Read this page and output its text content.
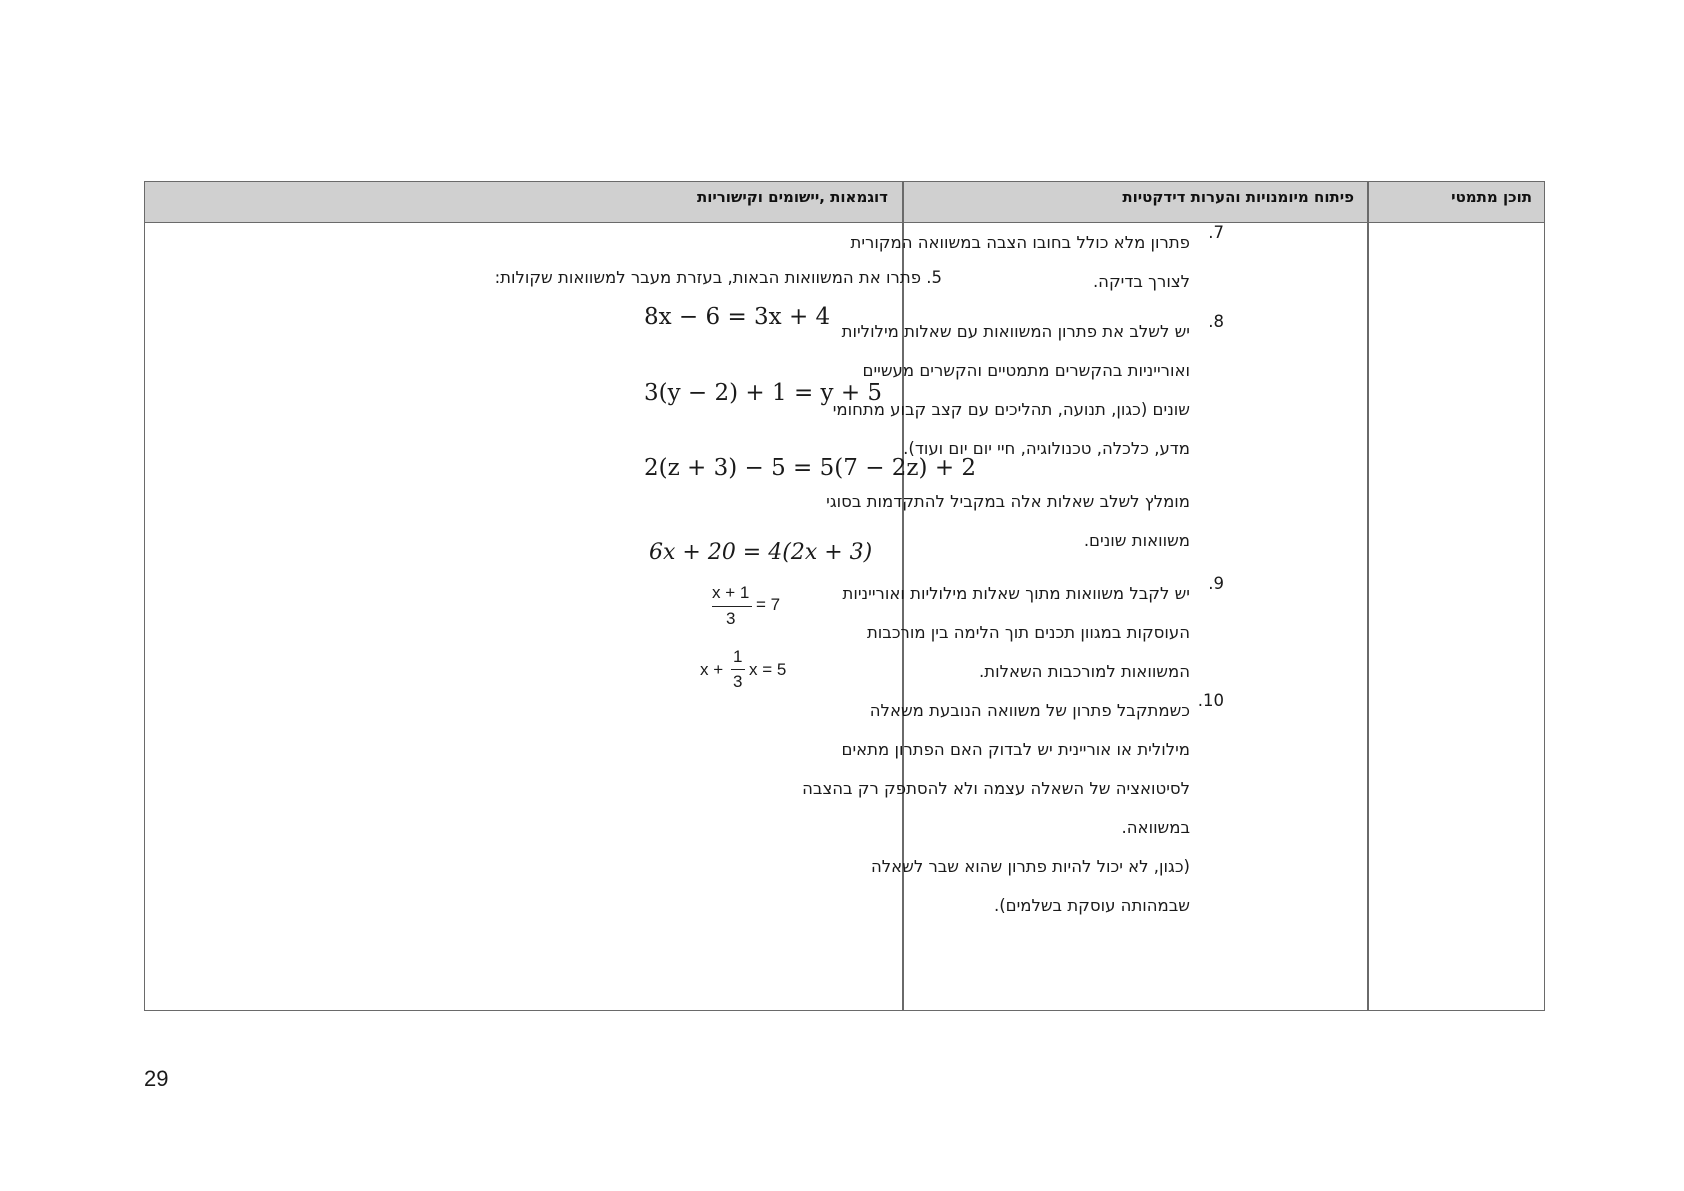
תוכן מתמטי
פיתוח מיומנויות והערות דידקטיות
דוגמאות ,יישומים וקישוריות
7.
פתרון מלא כולל בחובו הצבה במשוואה המקורית
לצורך בדיקה.
8.
יש לשלב את פתרון המשוואות עם שאלות מילוליות
ואורייניות בהקשרים מתמטיים והקשרים מעשיים
שונים (כגון, תנועה, תהליכים עם קצב קבוע מתחומי
מדע, כלכלה, טכנולוגיה, חיי יום יום ועוד).
מומלץ לשלב שאלות אלה במקביל להתקדמות בסוגי
משוואות שונים.
9.
יש לקבל משוואות מתוך שאלות מילוליות ואורייניות
העוסקות במגוון תכנים תוך הלימה בין מורכבות
המשוואות למורכבות השאלות.
10.
כשמתקבל פתרון של משוואה הנובעת משאלה
מילולית או אוריינית יש לבדוק האם הפתרון מתאים
לסיטואציה של השאלה עצמה ולא להסתפק רק בהצבה
במשוואה.
(כגון, לא יכול להיות פתרון שהוא שבר לשאלה
שבמהותה עוסקת בשלמים).
5. פתרו את המשוואות הבאות, בעזרת מעבר למשוואות שקולות:
8x − 6 = 3x + 4
3(y − 2) + 1 = y + 5
2(z + 3) − 5 = 5(7 − 2z) + 2
6x + 20 = 4(2x + 3)
x + 1
3
= 7
x +
1
3
x = 5
29
